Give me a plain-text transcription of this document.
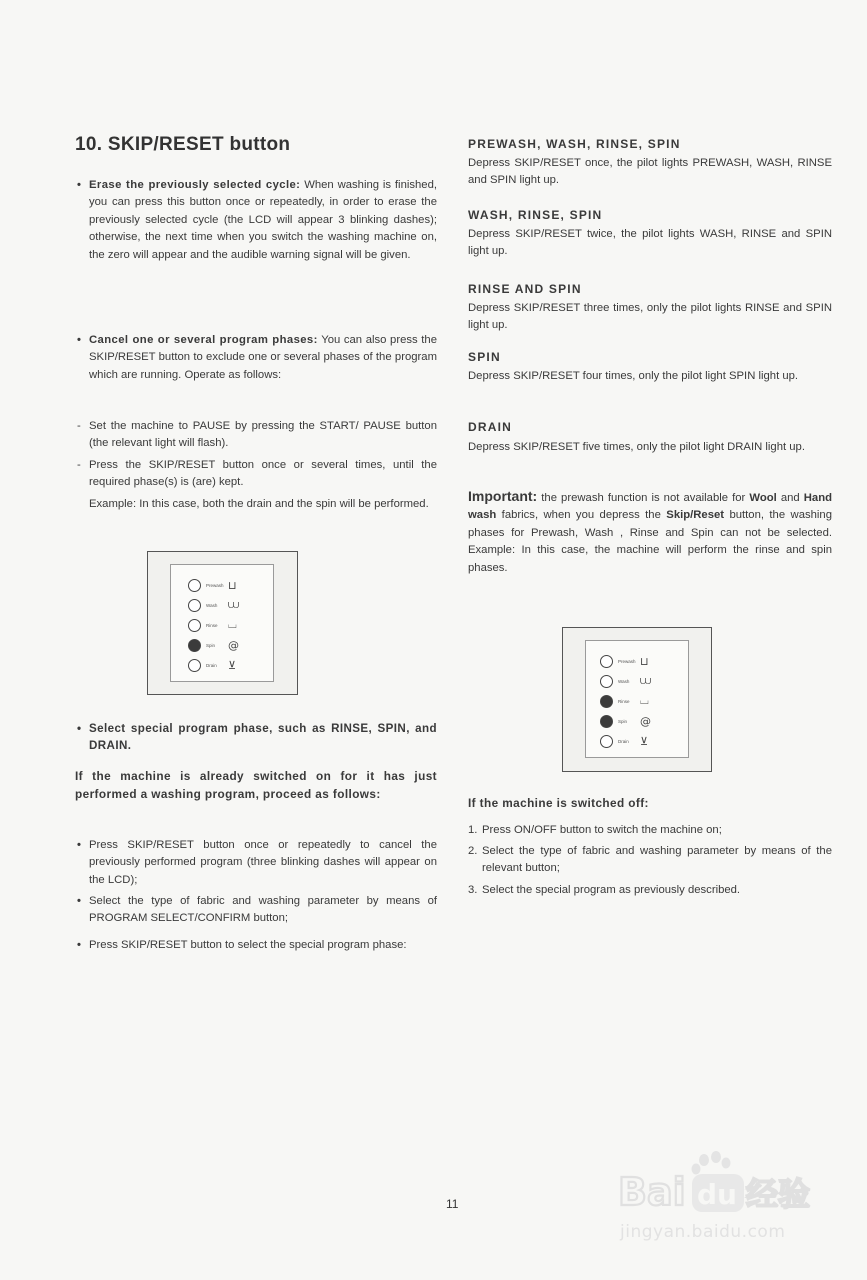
10. SKIP/RESET button
• Erase the previously selected cycle: When washing is finished, you can press this button once or repeatedly, in order to erase the previously selected cycle (the LCD will appear 3 blinking dashes); otherwise, the next time when you switch the washing machine on, the zero will appear and the audible warning signal will be given.
• Cancel one or several program phases: You can also press the SKIP/RESET button to exclude one or several phases of the program which are running. Operate as follows:
- Set the machine to PAUSE by pressing the START/ PAUSE button (the relevant light will flash).
- Press the SKIP/RESET button once or several times, until the required phase(s) is (are) kept.
Example: In this case, both the drain and the spin will be performed.
• Select special program phase, such as RINSE, SPIN, and DRAIN.
If the machine is already switched on for it has just performed a washing program, proceed as follows:
• Press SKIP/RESET button once or repeatedly to cancel the previously performed program (three blinking dashes will appear on the LCD);
• Select the type of fabric and washing parameter by means of PROGRAM SELECT/CONFIRM button;
• Press SKIP/RESET button to select the special program phase:
Prewash ⊔
Wash ⩊
Rinse ⌴
Spin	@
Drain	⊻
PREWASH, WASH, RINSE, SPIN
Depress SKIP/RESET once, the pilot lights PREWASH, WASH, RINSE and SPIN light up.
WASH, RINSE, SPIN
Depress SKIP/RESET twice, the pilot lights WASH, RINSE and SPIN light up.
RINSE AND SPIN
Depress SKIP/RESET three times, only the pilot lights RINSE and SPIN light up.
SPIN
Depress SKIP/RESET four times, only the pilot light SPIN light up.
DRAIN
Depress SKIP/RESET five times, only the pilot light DRAIN light up.
Important: the prewash function is not available for Wool and Hand wash fabrics, when you depress the Skip/Reset button, the washing phases for Prewash, Wash , Rinse and Spin can not be selected. Example: In this case, the machine will perform the rinse and spin phases.
If the machine is switched off:
1. Press ON/OFF button to switch the machine on;
2. Select the type of fabric and washing parameter by means of the relevant button;
3. Select the special program as previously described.
Prewash ⊔
Wash ⩊
Rinse ⌴
Spin	@
Drain	⊻
11	Bai du 经验
jingyan.baidu.com
